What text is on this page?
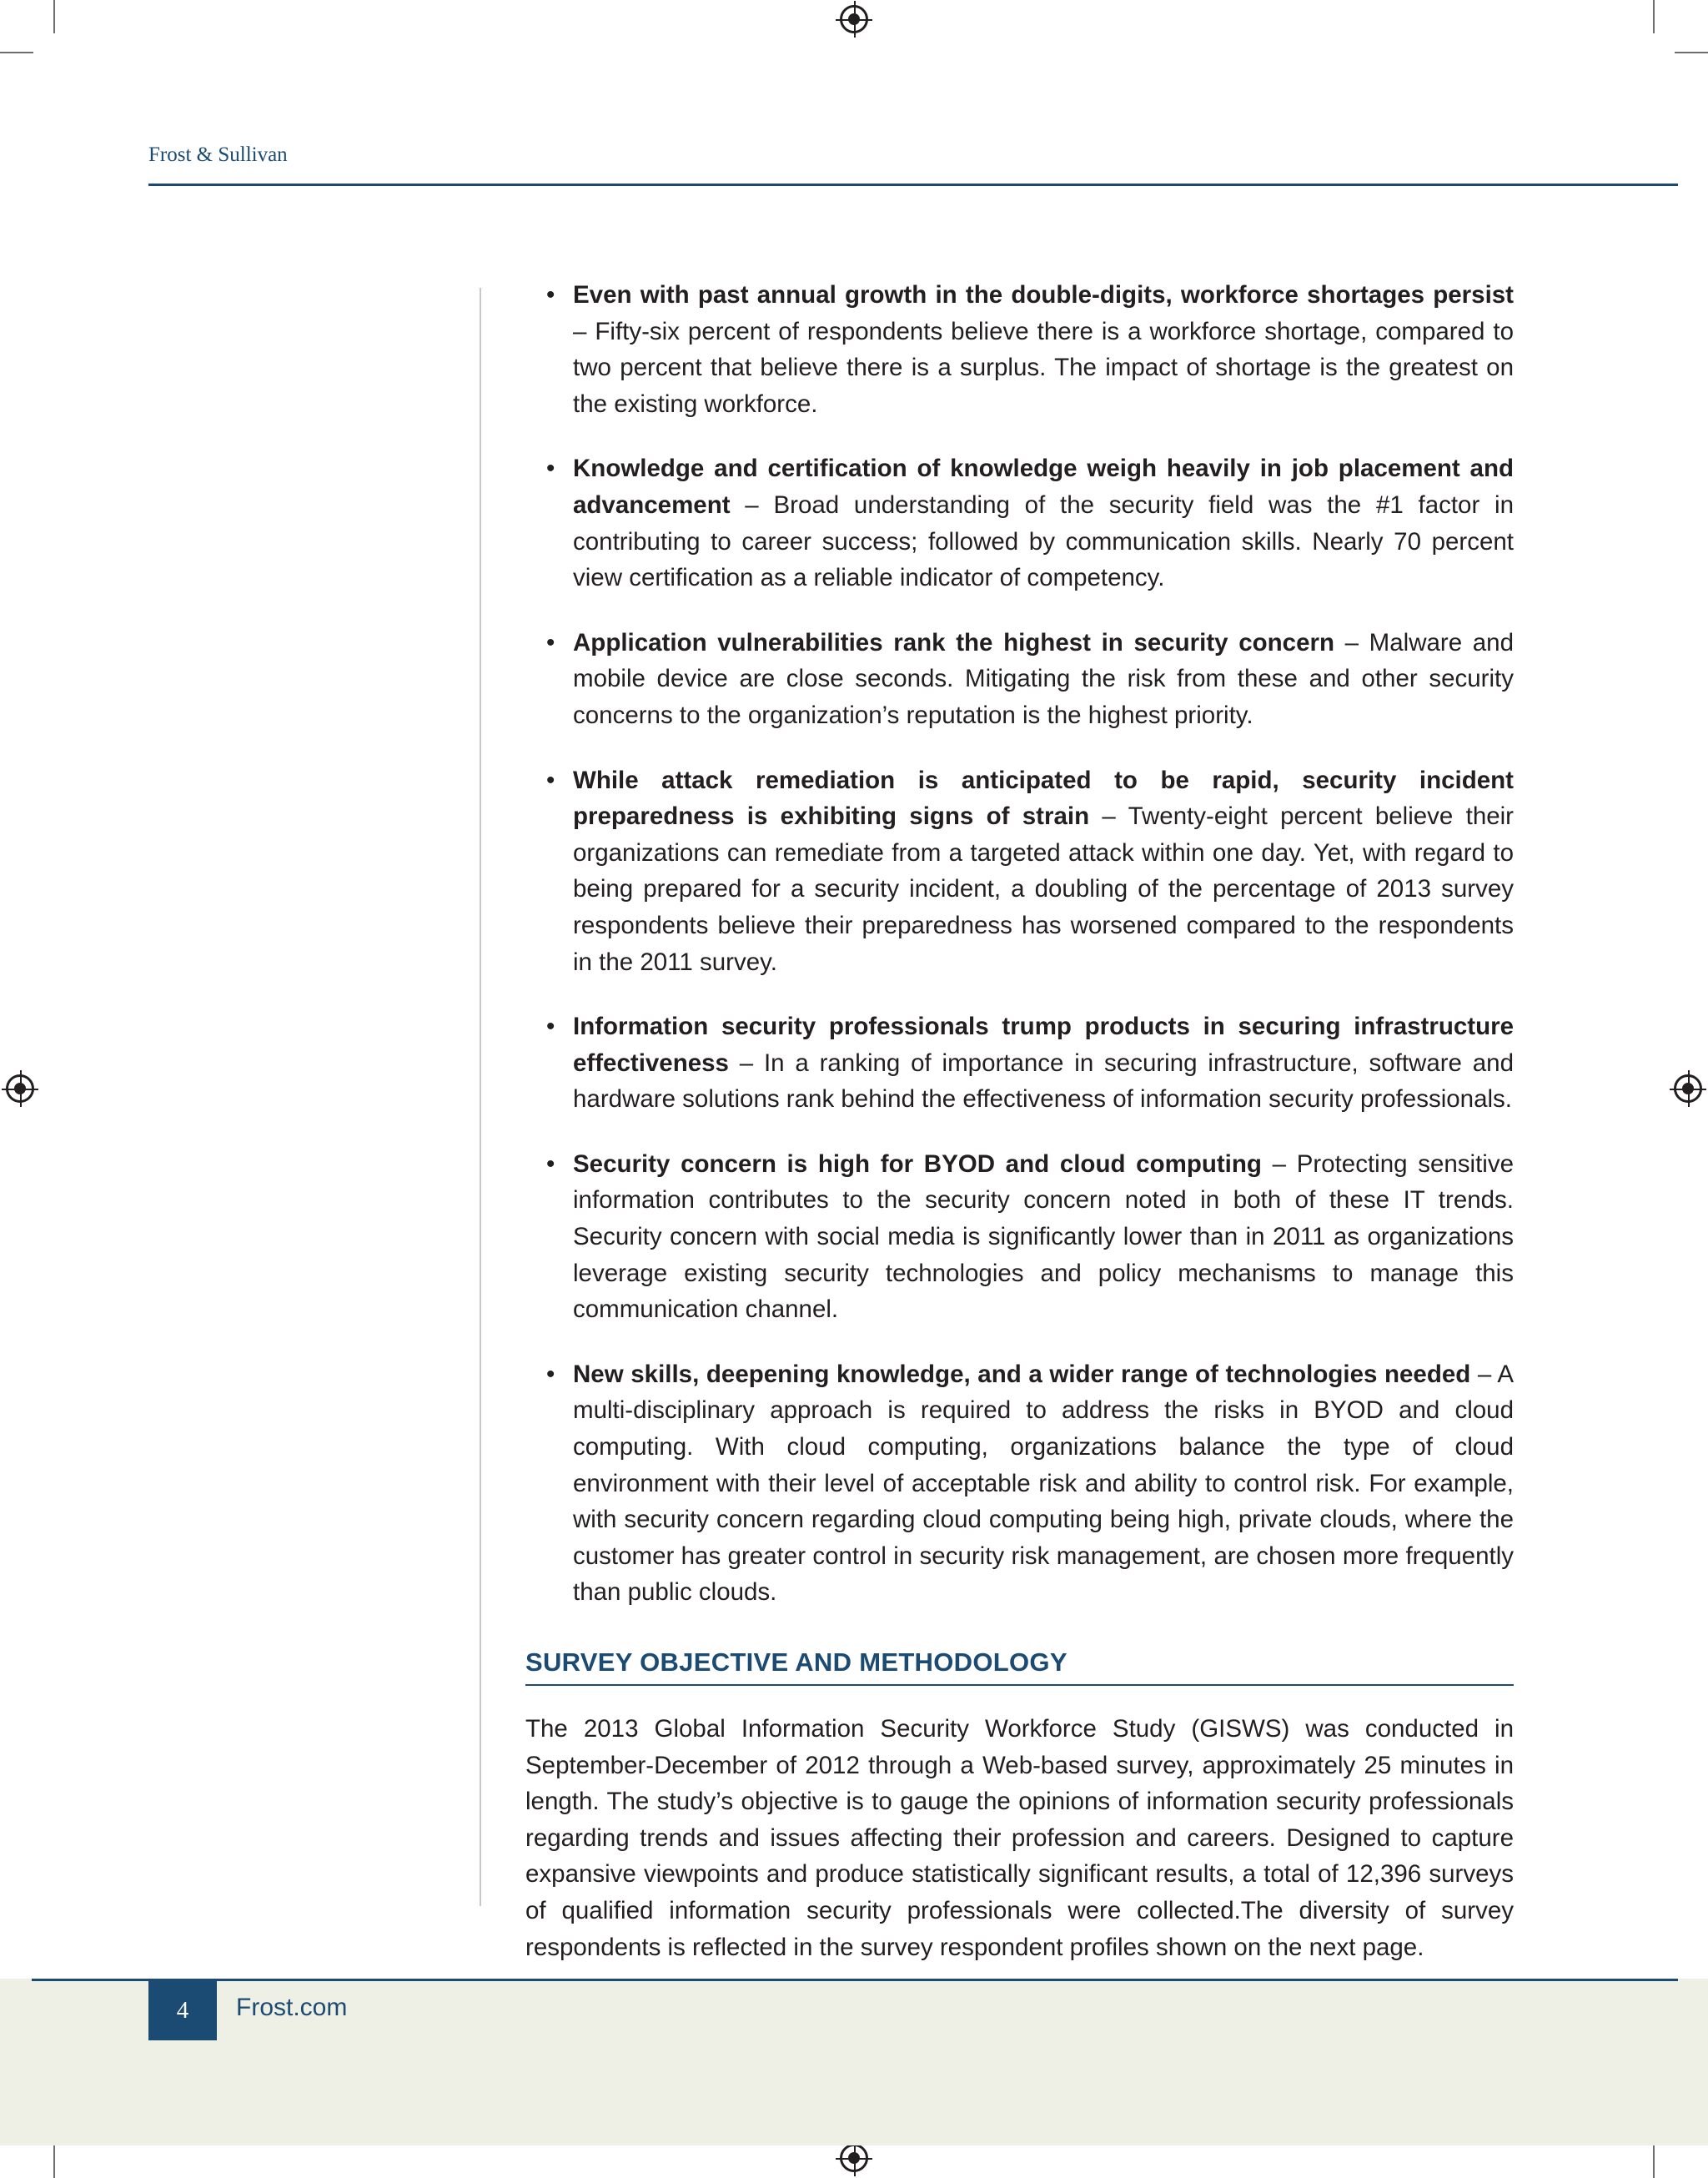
Frost & Sullivan
• Even with past annual growth in the double-digits, workforce shortages persist – Fifty-six percent of respondents believe there is a workforce shortage, compared to two percent that believe there is a surplus. The impact of shortage is the greatest on the existing workforce.
• Knowledge and certification of knowledge weigh heavily in job placement and advancement – Broad understanding of the security field was the #1 factor in contributing to career success; followed by communication skills. Nearly 70 percent view certification as a reliable indicator of competency.
• Application vulnerabilities rank the highest in security concern – Malware and mobile device are close seconds. Mitigating the risk from these and other security concerns to the organization’s reputation is the highest priority.
• While attack remediation is anticipated to be rapid, security incident preparedness is exhibiting signs of strain – Twenty-eight percent believe their organizations can remediate from a targeted attack within one day. Yet, with regard to being prepared for a security incident, a doubling of the percentage of 2013 survey respondents believe their preparedness has worsened compared to the respondents in the 2011 survey.
• Information security professionals trump products in securing infrastructure effectiveness – In a ranking of importance in securing infrastructure, software and hardware solutions rank behind the effectiveness of information security professionals.
• Security concern is high for BYOD and cloud computing – Protecting sensitive information contributes to the security concern noted in both of these IT trends. Security concern with social media is significantly lower than in 2011 as organizations leverage existing security technologies and policy mechanisms to manage this communication channel.
• New skills, deepening knowledge, and a wider range of technologies needed – A multi-disciplinary approach is required to address the risks in BYOD and cloud computing. With cloud computing, organizations balance the type of cloud environment with their level of acceptable risk and ability to control risk. For example, with security concern regarding cloud computing being high, private clouds, where the customer has greater control in security risk management, are chosen more frequently than public clouds.
SURVEY OBJECTIVE AND METHODOLOGY
The 2013 Global Information Security Workforce Study (GISWS) was conducted in September-December of 2012 through a Web-based survey, approximately 25 minutes in length. The study’s objective is to gauge the opinions of information security professionals regarding trends and issues affecting their profession and careers. Designed to capture expansive viewpoints and produce statistically significant results, a total of 12,396 surveys of qualified information security professionals were collected.The diversity of survey respondents is reflected in the survey respondent profiles shown on the next page.
4	Frost.com
